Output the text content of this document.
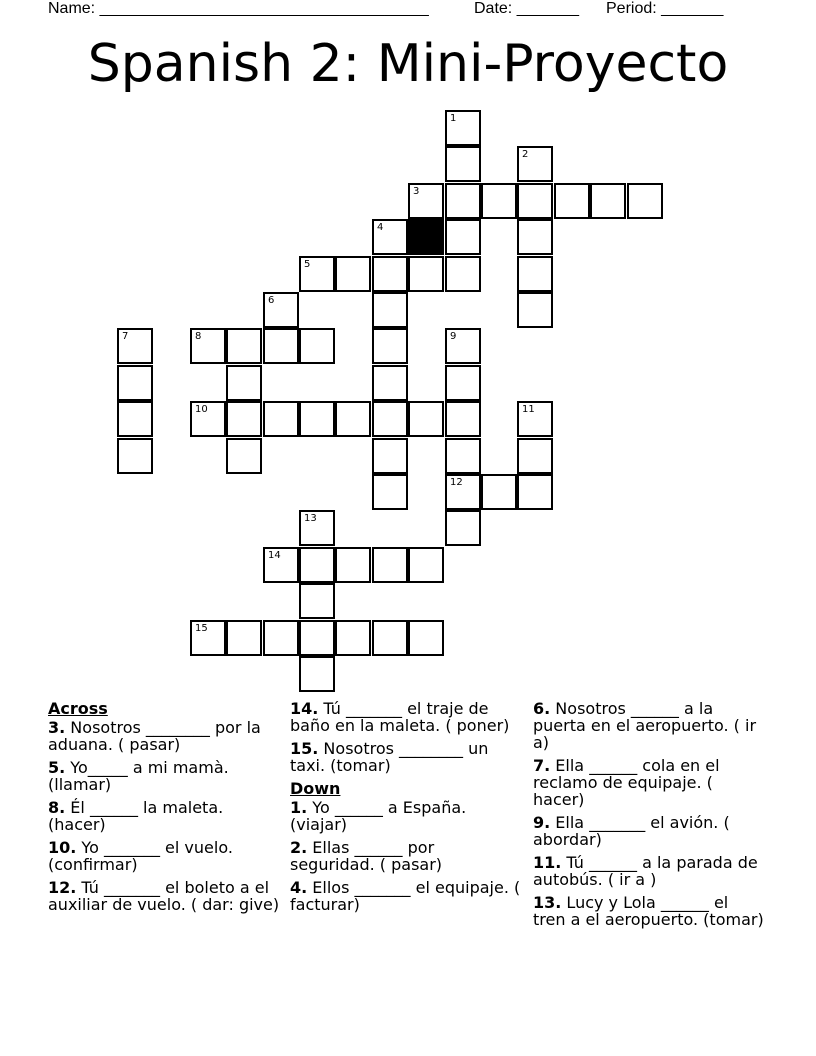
Name: _____________________________________	Date: _______ Period: _______
Spanish 2: Mini-Proyecto
1
2
3
4
5
6
7	8	9
10	11
12
13
14
15
Across
3. Nosotros ________ por la aduana. ( pasar)
5. Yo_____ a mi mamà. (llamar)
8. Él ______ la maleta. (hacer)
10. Yo _______ el vuelo. (confirmar)
12. Tú _______ el boleto a el auxiliar de vuelo. ( dar: give)
14. Tú _______ el traje de baño en la maleta. ( poner)
15. Nosotros ________ un taxi. (tomar)
Down
1. Yo ______ a España. (viajar)
2. Ellas ______ por seguridad. ( pasar)
4. Ellos _______ el equipaje. ( facturar)
6. Nosotros ______ a la puerta en el aeropuerto. ( ir a)
7. Ella ______ cola en el reclamo de equipaje. ( hacer)
9. Ella _______ el avión. ( abordar)
11. Tú ______ a la parada de autobús. ( ir a )
13. Lucy y Lola ______ el tren a el aeropuerto. (tomar)
